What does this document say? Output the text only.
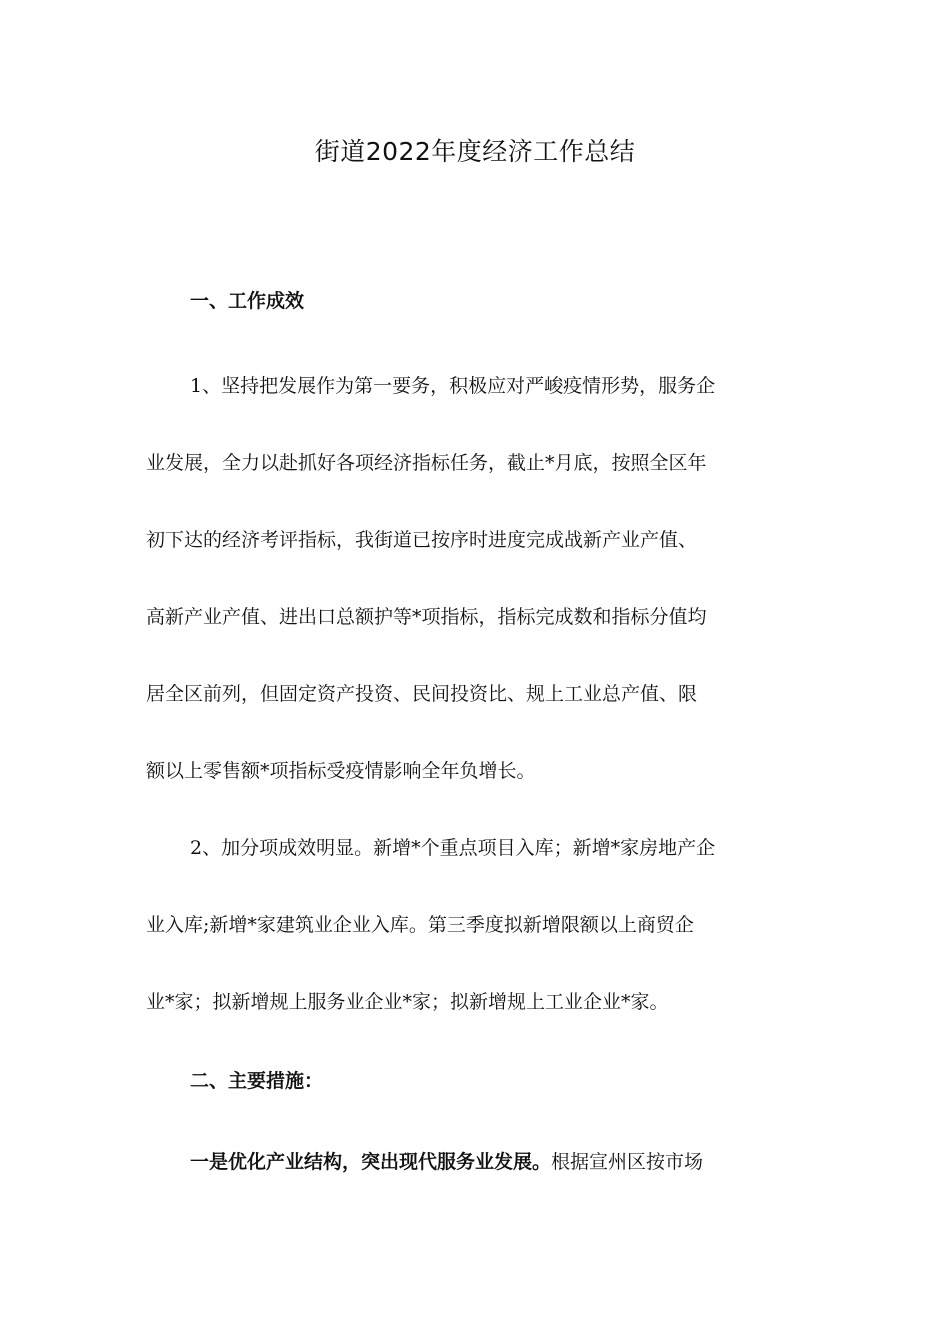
街道2022年度经济工作总结
一、工作成效

1、坚持把发展作为第一要务，积极应对严峻疫情形势，服务企

业发展，全力以赴抓好各项经济指标任务，截止*月底，按照全区年

初下达的经济考评指标，我街道已按序时进度完成战新产业产值、

高新产业产值、进出口总额护等*项指标，指标完成数和指标分值均

居全区前列，但固定资产投资、民间投资比、规上工业总产值、限

额以上零售额*项指标受疫情影响全年负增长。

2、加分项成效明显。新增*个重点项目入库；新增*家房地产企

业入库;新增*家建筑业企业入库。第三季度拟新增限额以上商贸企

业*家；拟新增规上服务业企业*家；拟新增规上工业企业*家。

二、主要措施：

一是优化产业结构，突出现代服务业发展。根据宣州区按市场
